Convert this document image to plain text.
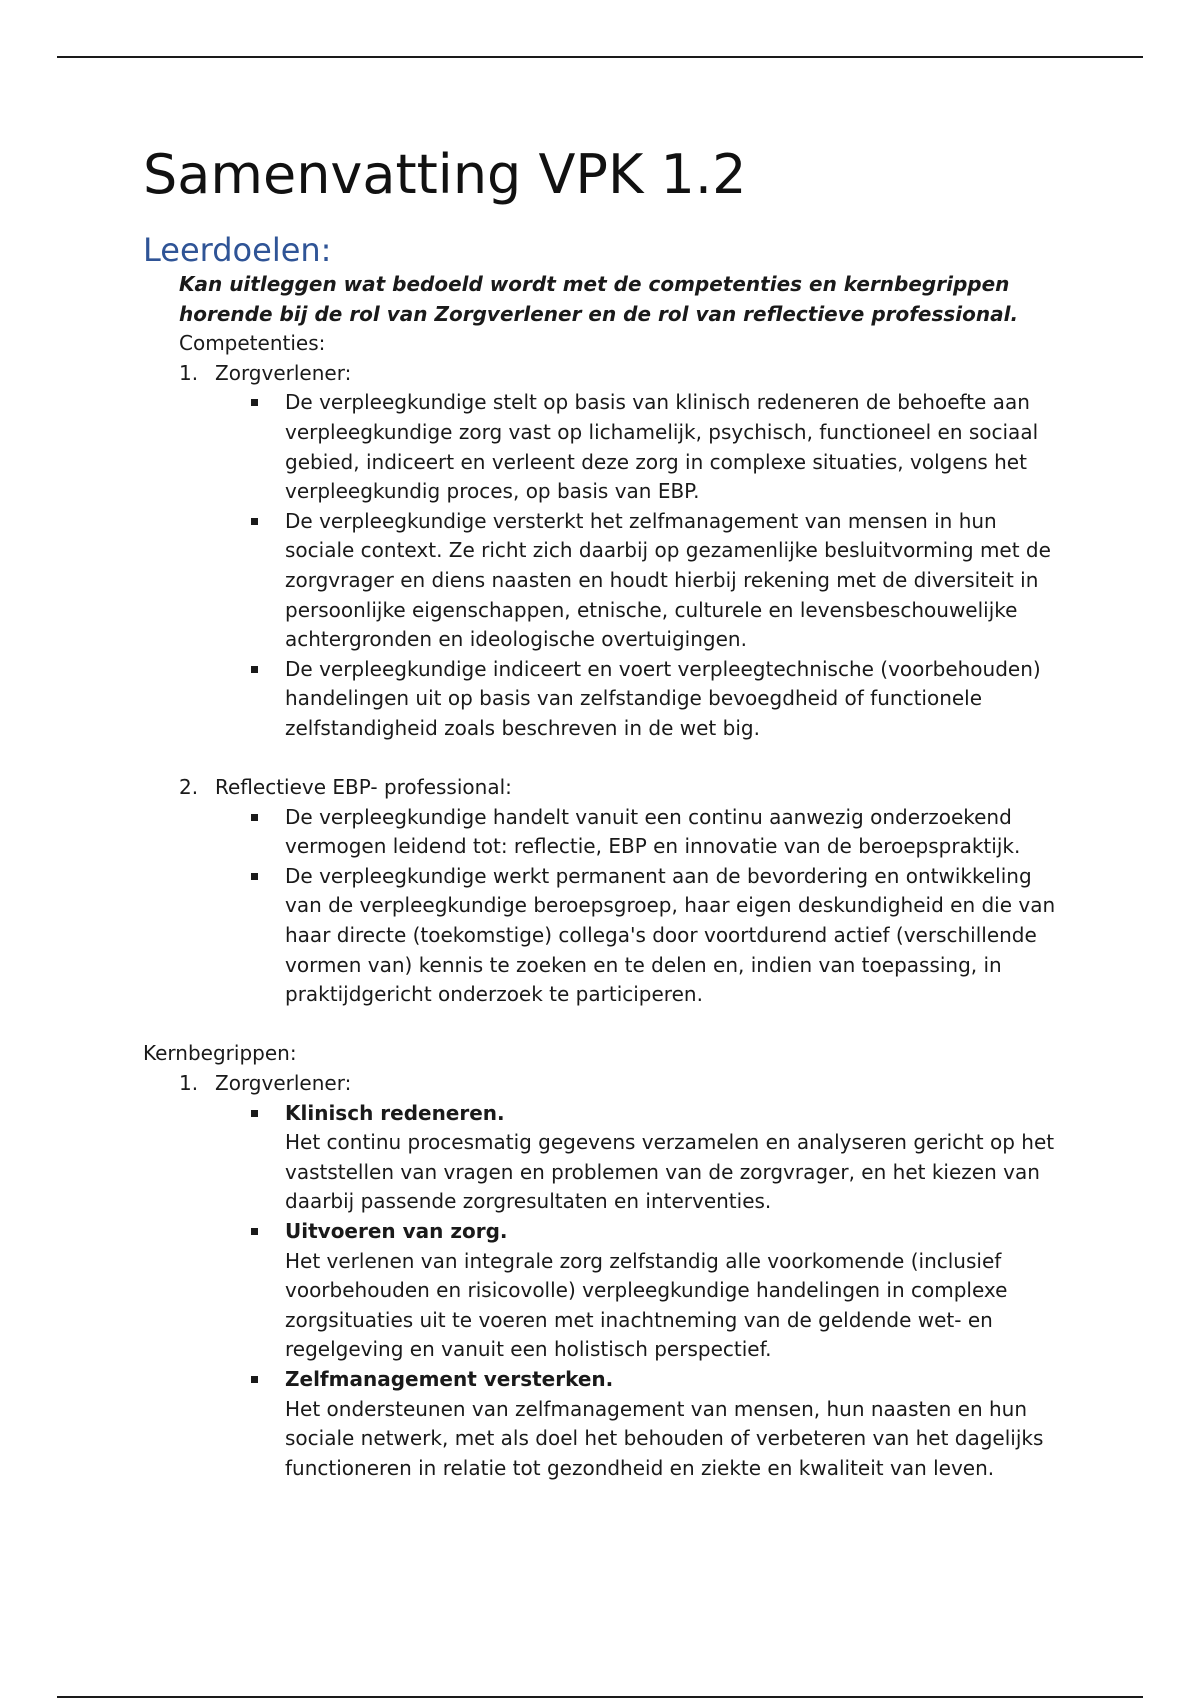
Samenvatting VPK 1.2
Leerdoelen:
Kan uitleggen wat bedoeld wordt met de competenties en kernbegrippen horende bij de rol van Zorgverlener en de rol van reflectieve professional.
Competenties:
1. Zorgverlener:
De verpleegkundige stelt op basis van klinisch redeneren de behoefte aan verpleegkundige zorg vast op lichamelijk, psychisch, functioneel en sociaal gebied, indiceert en verleent deze zorg in complexe situaties, volgens het verpleegkundig proces, op basis van EBP.
De verpleegkundige versterkt het zelfmanagement van mensen in hun sociale context. Ze richt zich daarbij op gezamenlijke besluitvorming met de zorgvrager en diens naasten en houdt hierbij rekening met de diversiteit in persoonlijke eigenschappen, etnische, culturele en levensbeschouwelijke achtergronden en ideologische overtuigingen.
De verpleegkundige indiceert en voert verpleegtechnische (voorbehouden) handelingen uit op basis van zelfstandige bevoegdheid of functionele zelfstandigheid zoals beschreven in de wet big.
2. Reflectieve EBP- professional:
De verpleegkundige handelt vanuit een continu aanwezig onderzoekend vermogen leidend tot: reflectie, EBP en innovatie van de beroepspraktijk.
De verpleegkundige werkt permanent aan de bevordering en ontwikkeling van de verpleegkundige beroepsgroep, haar eigen deskundigheid en die van haar directe (toekomstige) collega's door voortdurend actief (verschillende vormen van) kennis te zoeken en te delen en, indien van toepassing, in praktijdgericht onderzoek te participeren.
Kernbegrippen:
1. Zorgverlener:
Klinisch redeneren.
Het continu procesmatig gegevens verzamelen en analyseren gericht op het vaststellen van vragen en problemen van de zorgvrager, en het kiezen van daarbij passende zorgresultaten en interventies.
Uitvoeren van zorg.
Het verlenen van integrale zorg zelfstandig alle voorkomende (inclusief voorbehouden en risicovolle) verpleegkundige handelingen in complexe zorgsituaties uit te voeren met inachtneming van de geldende wet- en regelgeving en vanuit een holistisch perspectief.
Zelfmanagement versterken.
Het ondersteunen van zelfmanagement van mensen, hun naasten en hun sociale netwerk, met als doel het behouden of verbeteren van het dagelijks functioneren in relatie tot gezondheid en ziekte en kwaliteit van leven.
